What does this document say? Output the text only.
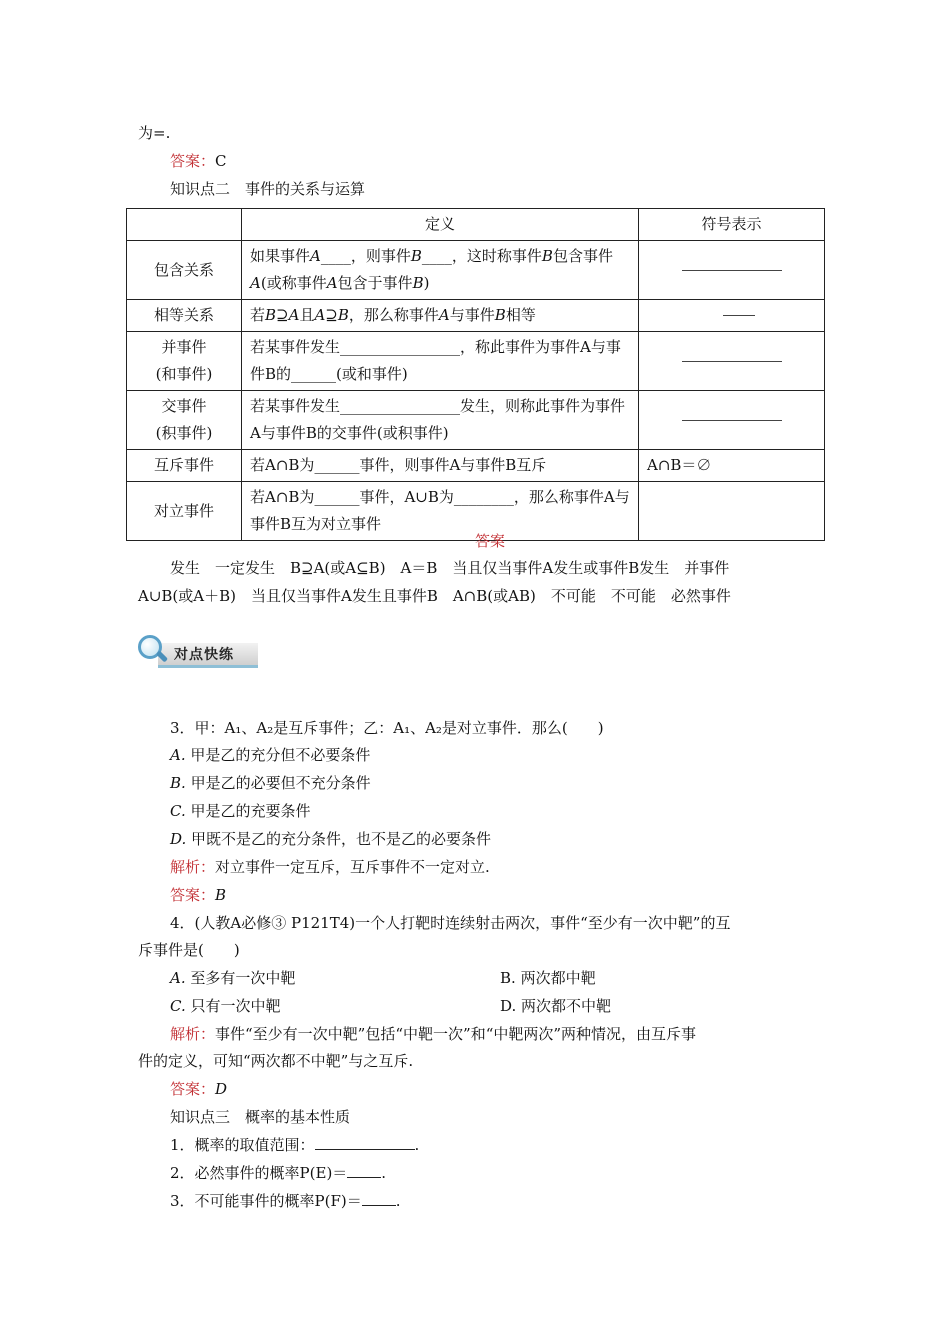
为=.
答案：C
知识点二　事件的关系与运算
	定义	符号表示
包含关系	如果事件A____，则事件B____，这时称事件B包含事件A(或称事件A包含于事件B)	

相等关系	若B⊇A且A⊇B，那么称事件A与事件B相等	

并事件
(和事件)	若某事件发生________________，称此事件为事件A与事件B的______(或和事件)	

交事件
(积事件)	若某事件发生________________发生，则称此事件为事件A与事件B的交事件(或积事件)	

互斥事件	若A∩B为______事件，则事件A与事件B互斥	A∩B＝∅
对立事件	若A∩B为______事件，A∪B为________，那么称事件A与事件B互为对立事件	
答案
发生　一定发生　B⊇A(或A⊆B)　A＝B　当且仅当事件A发生或事件B发生　并事件
A∪B(或A＋B)　当且仅当事件A发生且事件B　A∩B(或AB)　不可能　不可能　必然事件
对点快练
3．甲：A₁、A₂是互斥事件；乙：A₁、A₂是对立事件．那么(　　)
A. 甲是乙的充分但不必要条件
B. 甲是乙的必要但不充分条件
C. 甲是乙的充要条件
D. 甲既不是乙的充分条件，也不是乙的必要条件
解析：对立事件一定互斥，互斥事件不一定对立.
答案：B
4．(人教A必修③ P121T4)一个人打靶时连续射击两次，事件“至少有一次中靶”的互
斥事件是(　　)
A. 至多有一次中靶	B. 两次都中靶
C. 只有一次中靶	D. 两次都不中靶
解析：事件“至少有一次中靶”包括“中靶一次”和“中靶两次”两种情况，由互斥事
件的定义，可知“两次都不中靶”与之互斥.
答案：D
知识点三　概率的基本性质
1．概率的取值范围：	.
2．必然事件的概率P(E)＝ .
3．不可能事件的概率P(F)＝ .
